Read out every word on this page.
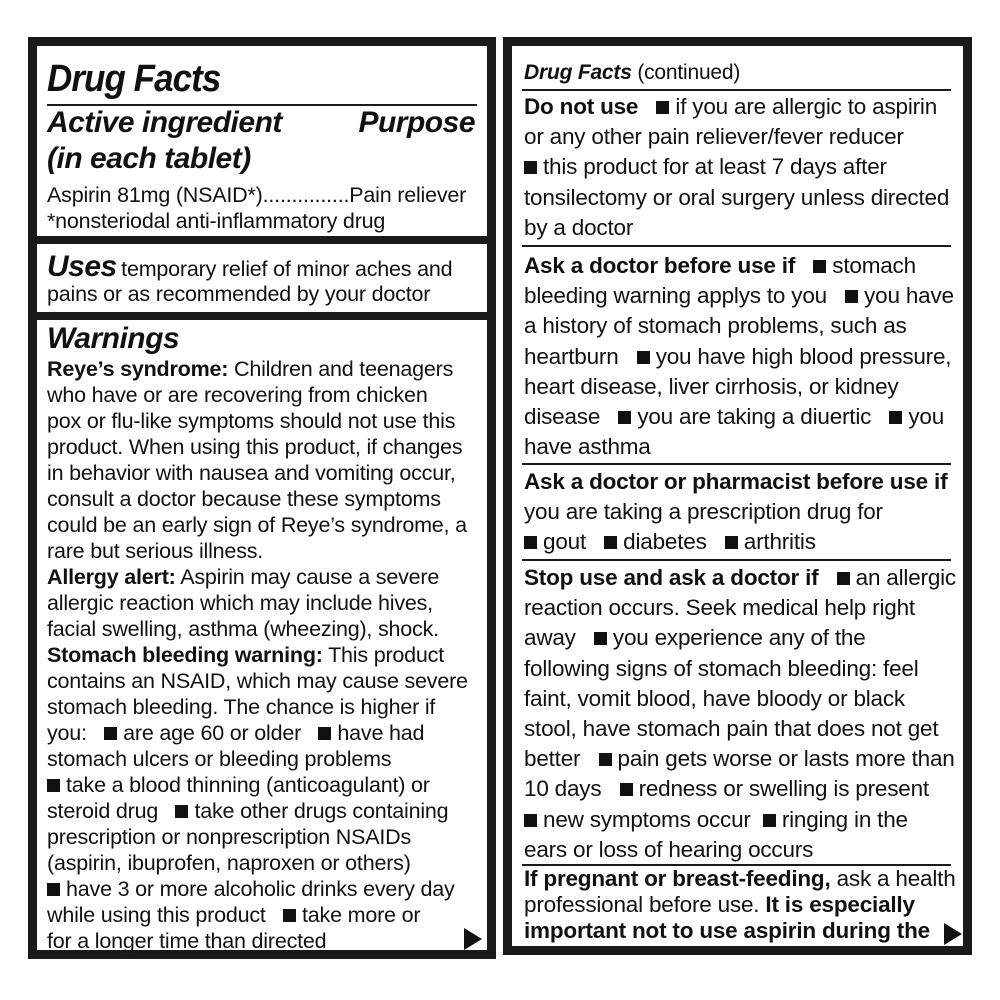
Drug Facts
Active ingredient	Purpose
(in each tablet)
Aspirin 81mg (NSAID*)...............Pain reliever
*nonsteriodal anti-inflammatory drug
Uses temporary relief of minor aches and
pains or as recommended by your doctor
Warnings
Reye’s syndrome: Children and teenagers
who have or are recovering from chicken
pox or flu-like symptoms should not use this
product. When using this product, if changes
in behavior with nausea and vomiting occur,
consult a doctor because these symptoms
could be an early sign of Reye’s syndrome, a
rare but serious illness.
Allergy alert: Aspirin may cause a severe
allergic reaction which may include hives,
facial swelling, asthma (wheezing), shock.
Stomach bleeding warning: This product
contains an NSAID, which may cause severe
stomach bleeding. The chance is higher if
you: are age 60 or older have had
stomach ulcers or bleeding problems
take a blood thinning (anticoagulant) or
steroid drug take other drugs containing
prescription or nonprescription NSAIDs
(aspirin, ibuprofen, naproxen or others)
have 3 or more alcoholic drinks every day
while using this product take more or
for a longer time than directed
Drug Facts (continued)
Do not use if you are allergic to aspirin
or any other pain reliever/fever reducer
this product for at least 7 days after
tonsilectomy or oral surgery unless directed
by a doctor
Ask a doctor before use if stomach
bleeding warning applys to you you have
a history of stomach problems, such as
heartburn you have high blood pressure,
heart disease, liver cirrhosis, or kidney
disease you are taking a diuertic you
have asthma
Ask a doctor or pharmacist before use if
you are taking a prescription drug for
gout diabetes arthritis
Stop use and ask a doctor if an allergic
reaction occurs. Seek medical help right
away you experience any of the
following signs of stomach bleeding: feel
faint, vomit blood, have bloody or black
stool, have stomach pain that does not get
better pain gets worse or lasts more than
10 days redness or swelling is present
new symptoms occur ringing in the
ears or loss of hearing occurs
If pregnant or breast-feeding, ask a health
professional before use. It is especially
important not to use aspirin during the
